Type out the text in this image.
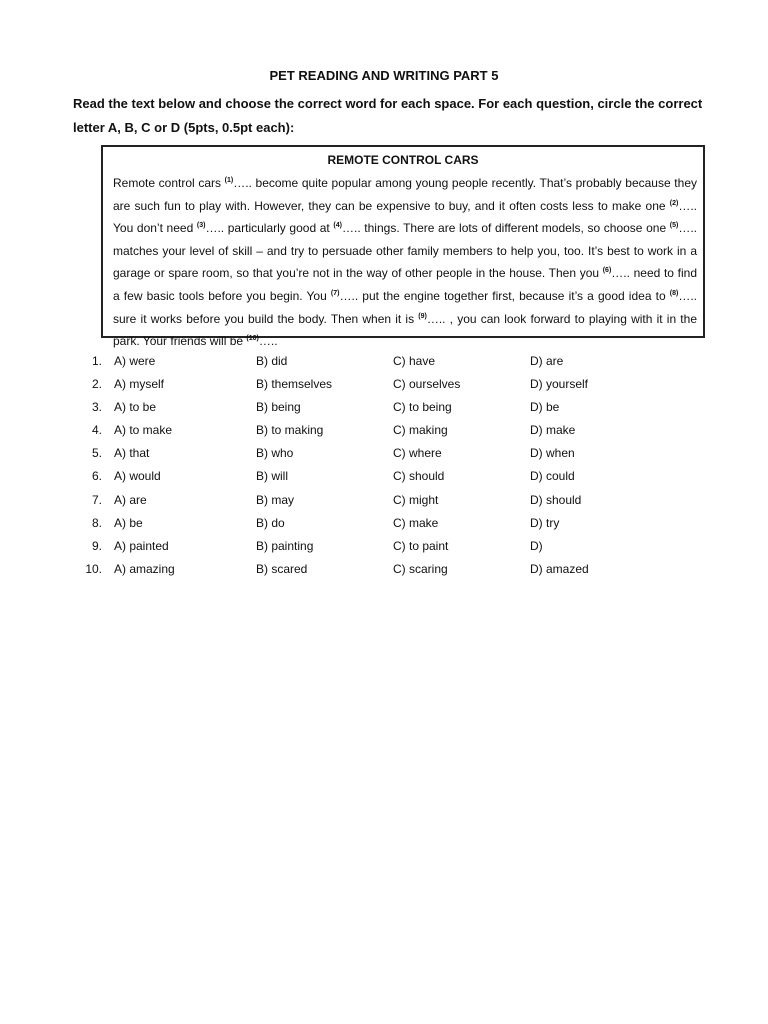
PET READING AND WRITING PART 5
Read the text below and choose the correct word for each space. For each question, circle the correct letter A, B, C or D (5pts, 0.5pt each):
REMOTE CONTROL CARS

Remote control cars $^{(1)}$….. become quite popular among young people recently. That’s probably because they are such fun to play with. However, they can be expensive to buy, and it often costs less to make one $^{(2)}$….. You don’t need $^{(3)}$….. particularly good at $^{(4)}$….. things. There are lots of different models, so choose one $^{(5)}$….. matches your level of skill – and try to persuade other family members to help you, too. It’s best to work in a garage or spare room, so that you’re not in the way of other people in the house. Then you $^{(6)}$….. need to find a few basic tools before you begin. You $^{(7)}$….. put the engine together first, because it’s a good idea to $^{(8)}$….. sure it works before you build the body. Then when it is $^{(9)}$….. , you can look forward to playing with it in the park. Your friends will be $^{(10)}$…..

1. A) were	B) did	C) have	D) are
2. A) myself	B) themselves	C) ourselves	D) yourself
3. A) to be	B) being	C) to being	D) be
4. A) to make	B) to making	C) making	D) make
5. A) that	B) who	C) where	D) when
6. A) would	B) will	C) should	D) could
7. A) are	B) may	C) might	D) should
8. A) be	B) do	C) make	D) try
9. A) painted	B) painting	C) to paint	D)
10. A) amazing	B) scared	C) scaring	D) amazed
